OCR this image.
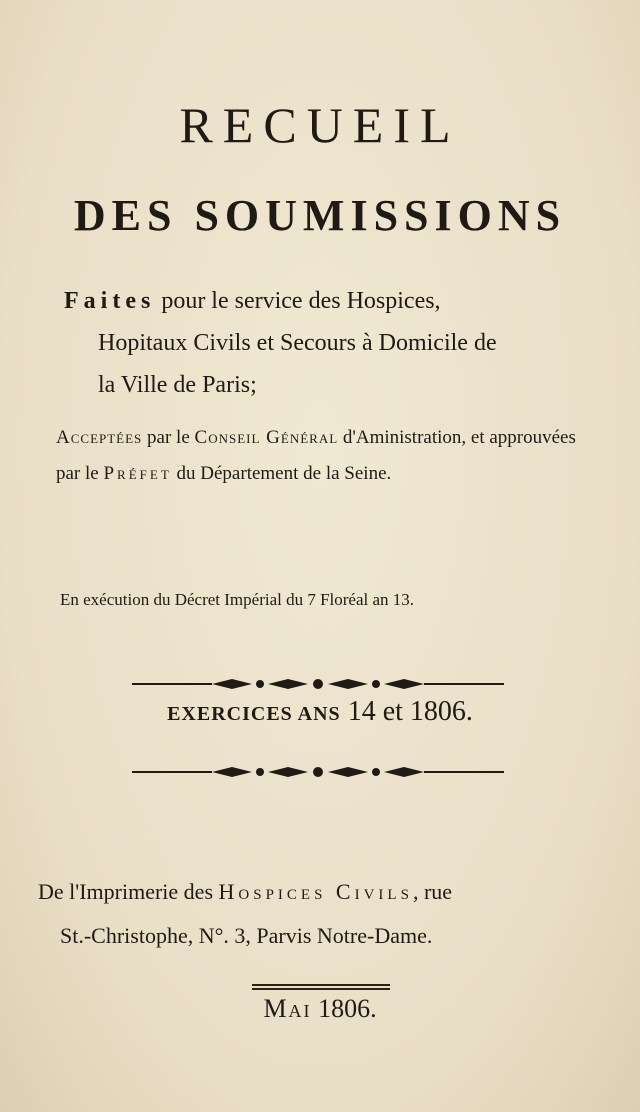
RECUEIL
DES SOUMISSIONS
Faites pour le service des Hospices,
Hopitaux Civils et Secours à Domicile de
la Ville de Paris;
Acceptées par le Conseil Général d'Aministration, et approuvées par le Préfet du Département de la Seine.
En exécution du Décret Impérial du 7 Floréal an 13.
EXERCICES ANS 14 et 1806.
De l'Imprimerie des Hospices Civils, rue
St.-Christophe, N°. 3, Parvis Notre-Dame.
Mai 1806.
